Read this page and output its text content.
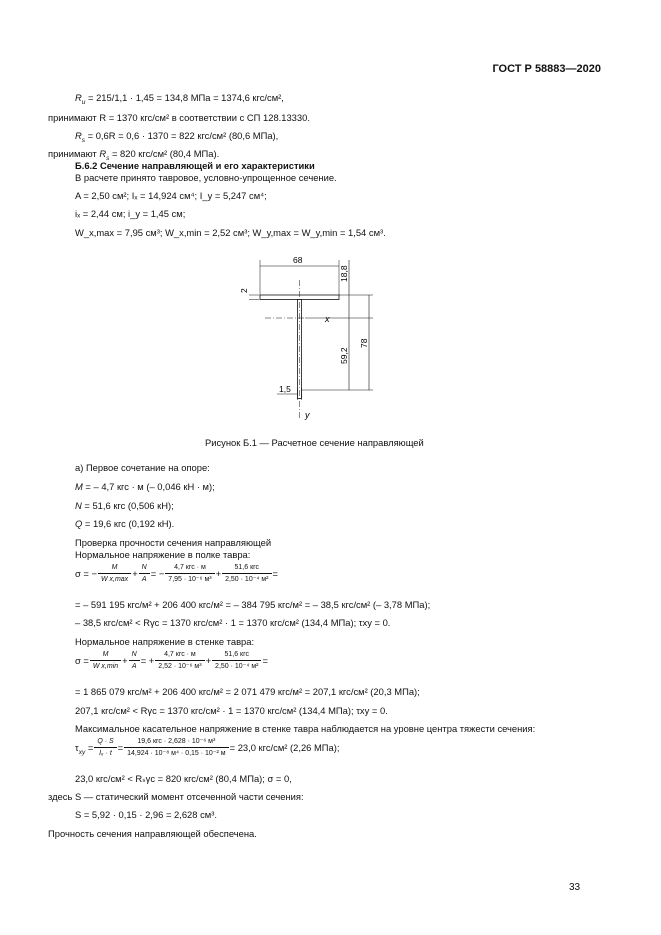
ГОСТ Р 58883—2020
$R_u = 215/1,1 \cdot 1,45 = 134,8$ МПа = 1374,6 кгс/см²,
принимают R = 1370 кгс/см² в соответствии с СП 128.13330.
$R_s = 0,6R = 0,6 \cdot 1370 = 822$ кгс/см² (80,6 МПа),
принимают $R_s = 820$ кгс/см² (80,4 МПа).
Б.6.2 Сечение направляющей и его характеристики
В расчете принято тавровое, условно-упрощенное сечение.
A = 2,50 см²; Iₓ = 14,924 см⁴; I_y = 5,247 см⁴;
iₓ = 2,44 см; i_y = 1,45 см;
W_x,max = 7,95 см³; W_x,min = 2,52 см³; W_y,max = W_y,min = 1,54 см³.
68
2
18,8
59,2
78
x
y
1,5
Рисунок Б.1 — Расчетное сечение направляющей
а) Первое сочетание на опоре:
M = – 4,7 кгс · м (– 0,046 кН · м);
N = 51,6 кгс (0,506 кН);
Q = 19,6 кгс (0,192 кН).
Проверка прочности сечения направляющей
Нормальное напряжение в полке тавра:
σ = − $\frac{M}{\text{W x,max}} + \frac{N}{A}$ = − $\frac{\text{4,7 кгс · м}}{\text{7,95 · 10⁻⁶ м³}} + \frac{\text{51,6 кгс}}{\text{2,50 · 10⁻⁴ м²}}$ =
= – 591 195 кгс/м² + 206 400 кгс/м² = – 384 795 кгс/м² = – 38,5 кгс/см² (– 3,78 МПа);
– 38,5 кгс/см² < Rγc = 1370 кгс/см² · 1 = 1370 кгс/см² (134,4 МПа); τxy = 0.
Нормальное напряжение в стенке тавра:
$\sigma = \frac{M}{\text{W x,min}} + \frac{N}{A}$ = + $\frac{\text{4,7 кгс · м}}{\text{2,52 · 10⁻⁶ м³}} + \frac{\text{51,6 кгс}}{\text{2,50 · 10⁻⁴ м²}}$ =
= 1 865 079 кгс/м² + 206 400 кгс/м² = 2 071 479 кгс/м² = 207,1 кгс/см² (20,3 МПа);
207,1 кгс/см² < Rγc = 1370 кгс/см² · 1 = 1370 кгс/см² (134,4 МПа); τxy = 0.
Максимальное касательное напряжение в стенке тавра наблюдается на уровне центра тяжести сечения:
$\tau_{xy} = \frac{Q \cdot S}{\text{Iₓ · t}} = \frac{\text{19,6 кгс · 2,628 · 10⁻⁶ м³}}{\text{14,924 · 10⁻⁸ м⁴ · 0,15 · 10⁻² м}} = 23,0$ кгс/см² (2,26 МПа);
23,0 кгс/см² < Rₛγc = 820 кгс/см² (80,4 МПа); σ = 0,
здесь S — статический момент отсеченной части сечения:
S = 5,92 · 0,15 · 2,96 = 2,628 см³.
Прочность сечения направляющей обеспечена.
33
